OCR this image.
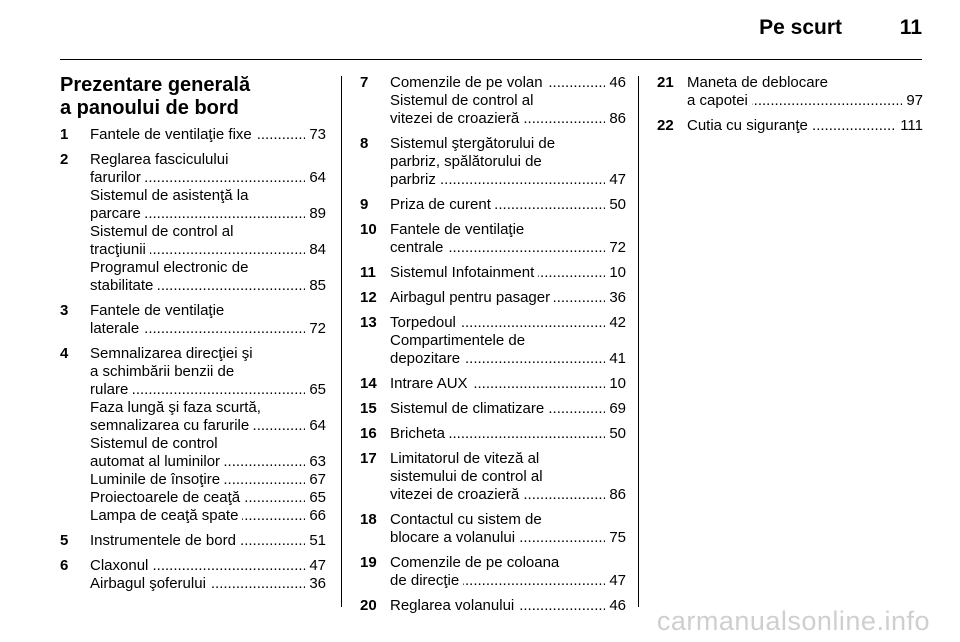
Pe scurt	11
Prezentare generală
a panoului de bord
1 Fantele de ventilaţie fixe	73
.....
2 Reglarea fasciculului
farurilor	64
.....
Sistemul de asistenţă la
parcare	89
.....
Sistemul de control al
tracţiunii	84
.....
Programul electronic de
stabilitate	85
.....
3 Fantele de ventilaţie
laterale	72
.....
4 Semnalizarea direcţiei şi
a schimbării benzii de
rulare	65
.....
Faza lungă şi faza scurtă,
semnalizarea cu farurile	64
.....
Sistemul de control
automat al luminilor	63
.....
Luminile de însoţire	67
.....
Proiectoarele de ceaţă	65
.....
Lampa de ceaţă spate	66
.....
5 Instrumentele de bord	51
.....
6 Claxonul	47
.....
Airbagul şoferului	36
.....
7 Comenzile de pe volan	46
.....
Sistemul de control al
vitezei de croazieră	86
.....
8 Sistemul ştergătorului de
parbriz, spălătorului de
parbriz	47
.....
9 Priza de curent	50
.....
10 Fantele de ventilaţie
centrale	72
.....
11 Sistemul Infotainment	10
.....
12 Airbagul pentru pasager	36
.....
13 Torpedoul	42
.....
Compartimentele de
depozitare	41
.....
14 Intrare AUX	10
.....
15 Sistemul de climatizare	69
.....
16 Bricheta	50
.....
17 Limitatorul de viteză al
sistemului de control al
vitezei de croazieră	86
.....
18 Contactul cu sistem de
blocare a volanului	75
.....
19 Comenzile de pe coloana
de direcţie	47
.....
20 Reglarea volanului	46
.....
21 Maneta de deblocare
a capotei	97
.....
22 Cutia cu siguranţe	111
.....
carmanualsonline.info
